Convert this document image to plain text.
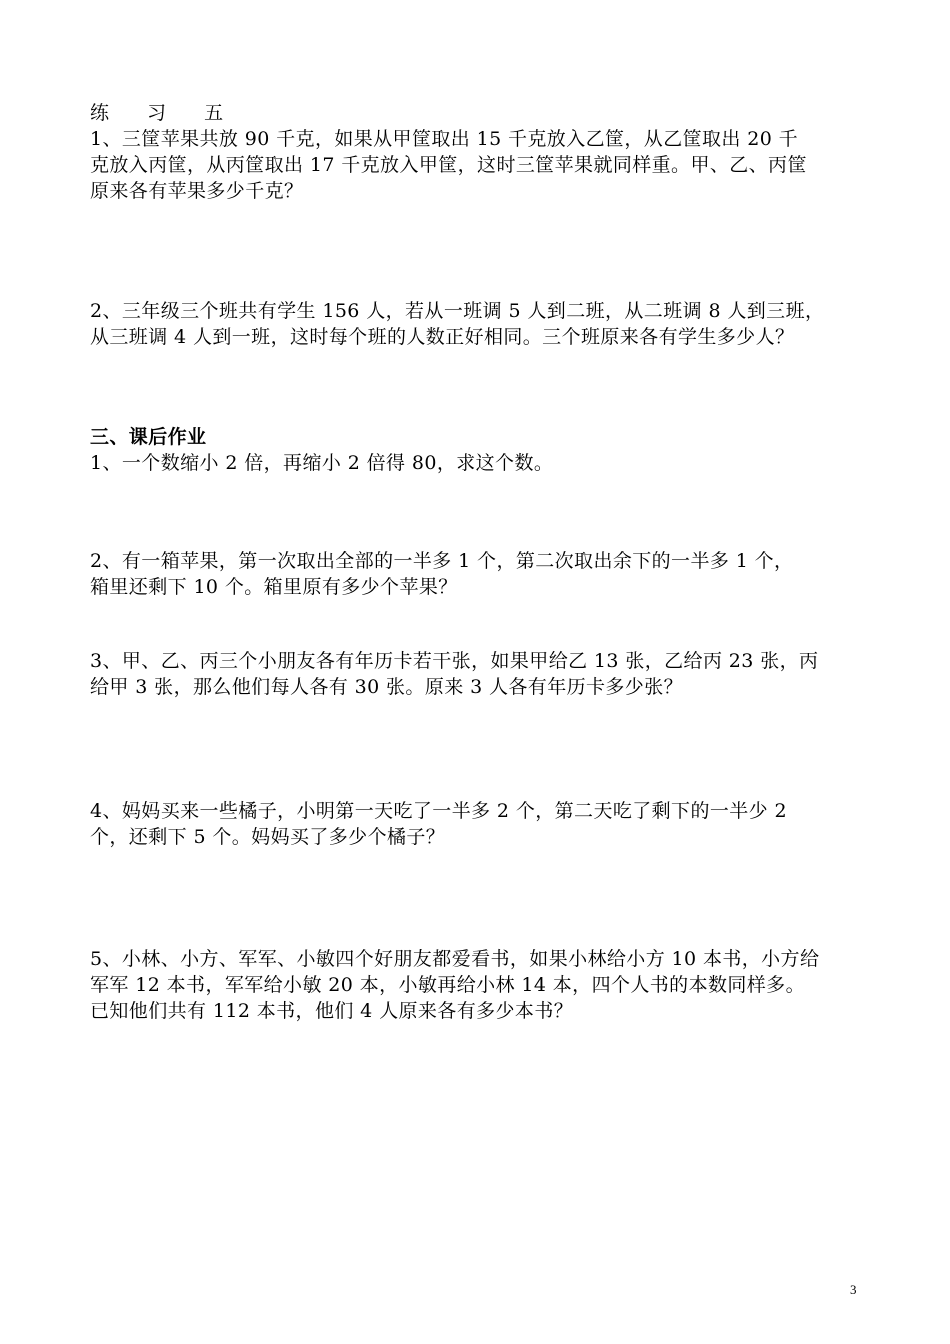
练 习 五
1、三筐苹果共放 90 千克，如果从甲筐取出 15 千克放入乙筐，从乙筐取出 20 千
克放入丙筐，从丙筐取出 17 千克放入甲筐，这时三筐苹果就同样重。甲、乙、丙筐
原来各有苹果多少千克？
2、三年级三个班共有学生 156 人，若从一班调 5 人到二班，从二班调 8 人到三班，
从三班调 4 人到一班，这时每个班的人数正好相同。三个班原来各有学生多少人？
三、课后作业
1、一个数缩小 2 倍，再缩小 2 倍得 80，求这个数。
2、有一箱苹果，第一次取出全部的一半多 1 个，第二次取出余下的一半多 1 个，
箱里还剩下 10 个。箱里原有多少个苹果？
3、甲、乙、丙三个小朋友各有年历卡若干张，如果甲给乙 13 张，乙给丙 23 张，丙
给甲 3 张，那么他们每人各有 30 张。原来 3 人各有年历卡多少张？
4、妈妈买来一些橘子，小明第一天吃了一半多 2 个，第二天吃了剩下的一半少 2
个，还剩下 5 个。妈妈买了多少个橘子？
5、小林、小方、军军、小敏四个好朋友都爱看书，如果小林给小方 10 本书，小方给
军军 12 本书，军军给小敏 20 本，小敏再给小林 14 本，四个人书的本数同样多。
已知他们共有 112 本书，他们 4 人原来各有多少本书？
3
